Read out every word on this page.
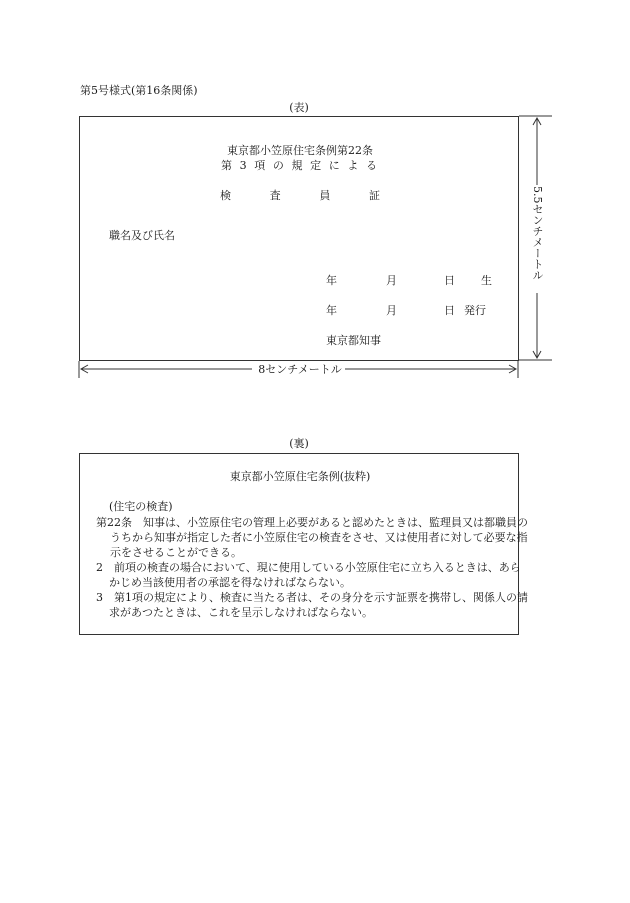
第5号様式(第16条関係)
(表)
東京都小笠原住宅条例第22条
第 3 項 の 規 定 に よ る
検	査	員	証
職名及び氏名
年	月	日 生
年	月	日 発行
東京都知事
8センチメートル
5.5センチメートル
(裏)
東京都小笠原住宅条例(抜粋)
(住宅の検査)
第22条　知事は、小笠原住宅の管理上必要があると認めたときは、監理員又は都職員のうちから知事が指定した者に小笠原住宅の検査をさせ、又は使用者に対して必要な指示をさせることができる。
2　前項の検査の場合において、現に使用している小笠原住宅に立ち入るときは、あらかじめ当該使用者の承認を得なければならない。
3　第1項の規定により、検査に当たる者は、その身分を示す証票を携帯し、関係人の請求があつたときは、これを呈示しなければならない。
